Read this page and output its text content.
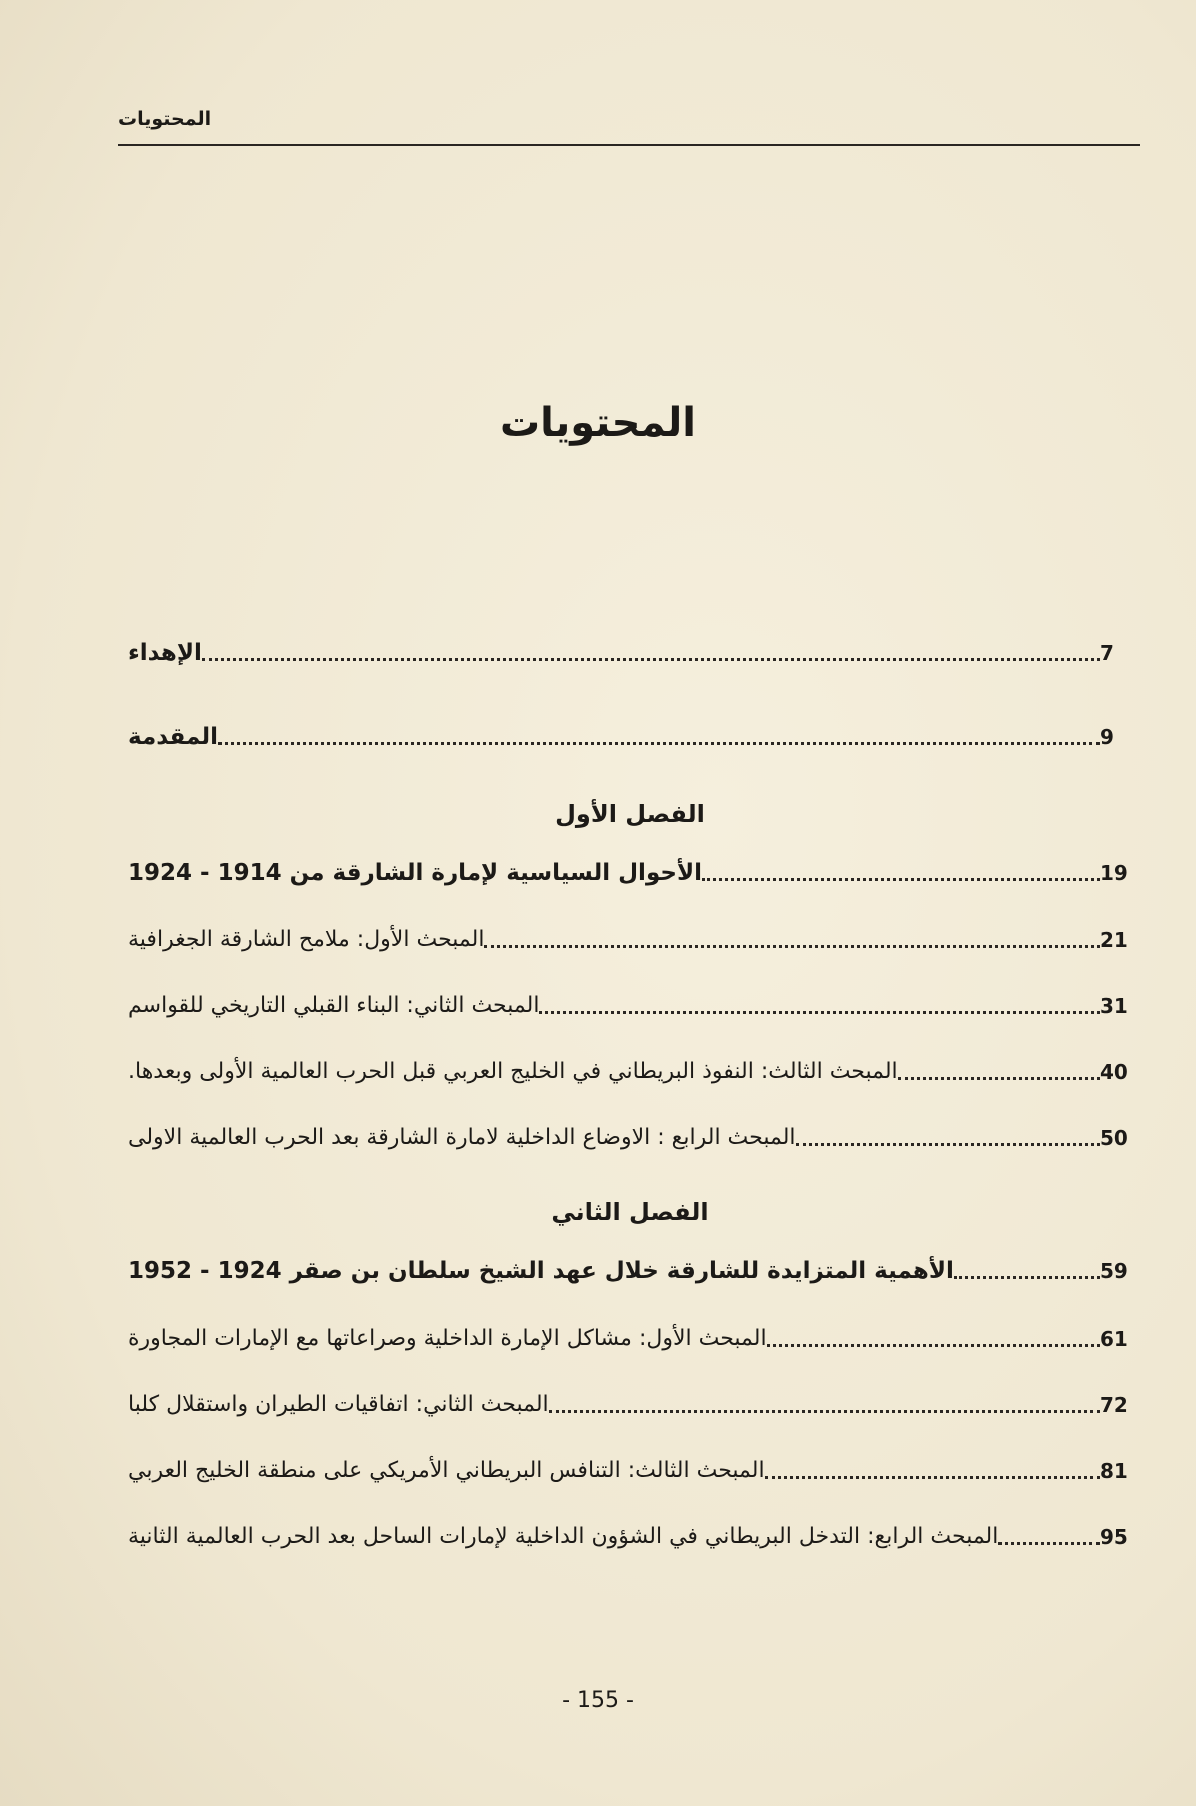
المحتويات
المحتويات
الإهداء	7
المقدمة	9
الفصل الأول
الأحوال السياسية لإمارة الشارقة من 1914 - 1924	19
المبحث الأول: ملامح الشارقة الجغرافية	21
المبحث الثاني: البناء القبلي التاريخي للقواسم	31
المبحث الثالث: النفوذ البريطاني في الخليج العربي قبل الحرب العالمية الأولى وبعدها.	40
المبحث الرابع : الاوضاع الداخلية لامارة الشارقة بعد الحرب العالمية الاولى	50
الفصل الثاني
الأهمية المتزايدة للشارقة خلال عهد الشيخ سلطان بن صقر 1924 - 1952	59
المبحث الأول: مشاكل الإمارة الداخلية وصراعاتها مع الإمارات المجاورة	61
المبحث الثاني: اتفاقيات الطيران واستقلال كلبا	72
المبحث الثالث: التنافس البريطاني الأمريكي على منطقة الخليج العربي	81
المبحث الرابع: التدخل البريطاني في الشؤون الداخلية لإمارات الساحل بعد الحرب العالمية الثانية	95
- 155 -
